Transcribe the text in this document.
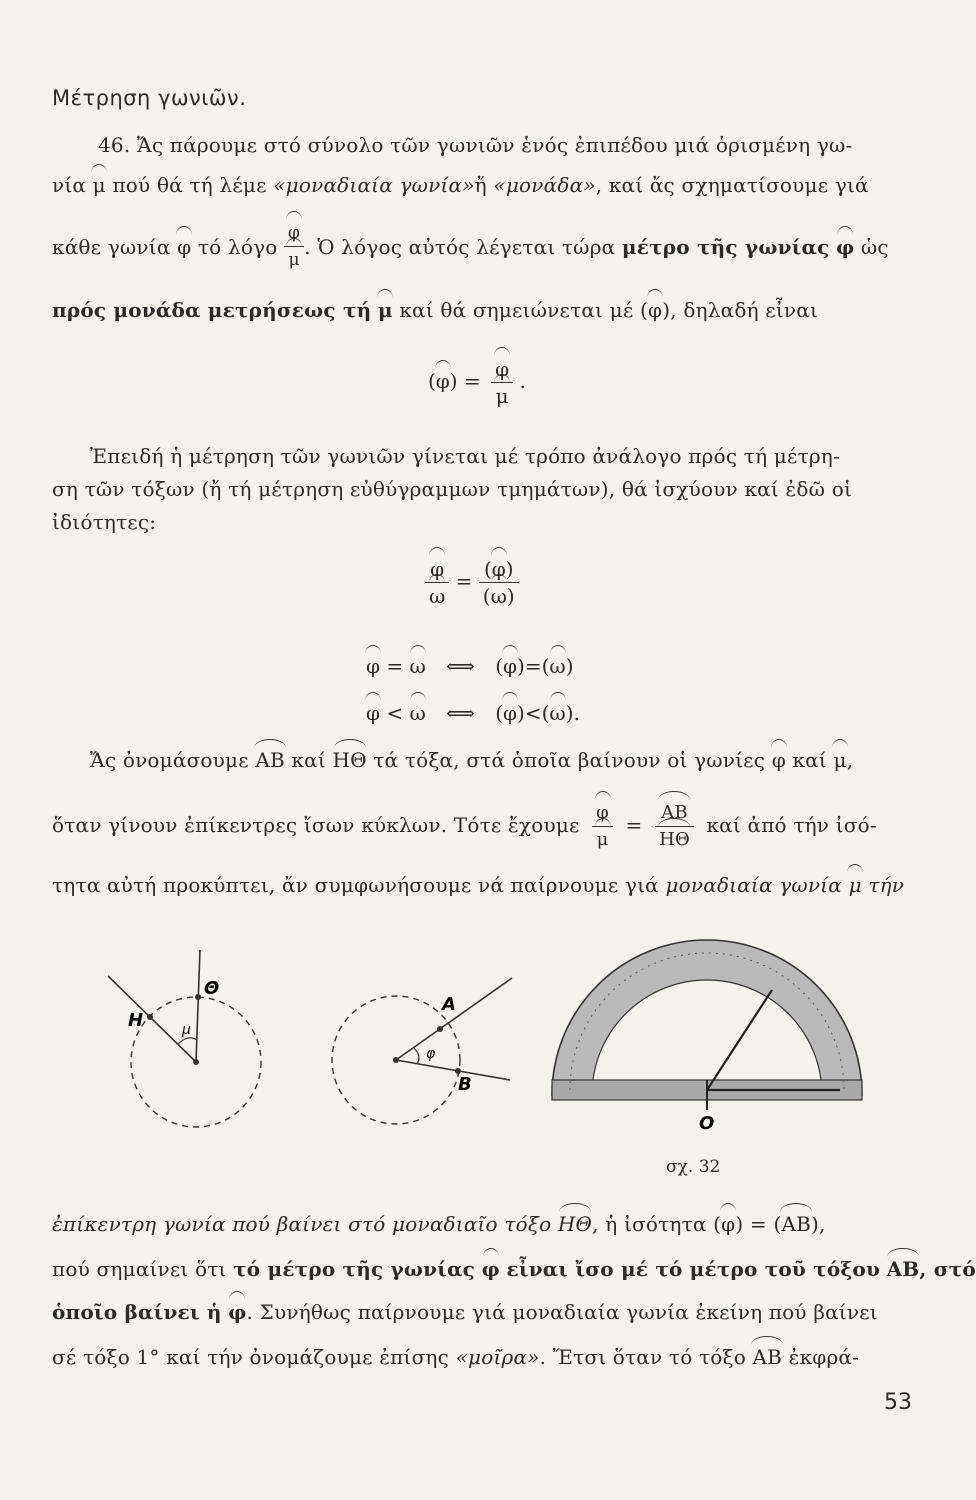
Μέτρηση γωνιῶν.
46. Ἄς πάρουμε στό σύνολο τῶν γωνιῶν ἑνός ἐπιπέδου μιά ὁρισμένη γω-
νία μ πού θά τή λέμε «μοναδιαία γωνία»ἤ «μονάδα», καί ἄς σχηματίσουμε γιά
κάθε γωνία φ τό λόγο $\frac{\varphi}{\mu}$ . Ὁ λόγος αὐτός λέγεται τώρα μέτρο τῆς γωνίας φ ὡς
πρός μονάδα μετρήσεως τή μ καί θά σημειώνεται μέ (φ), δηλαδή εἶναι
$(\varphi) = \frac{\varphi}{\mu}$ .
Ἐπειδή ἡ μέτρηση τῶν γωνιῶν γίνεται μέ τρόπο ἀνάλογο πρός τή μέτρη-
ση τῶν τόξων (ἤ τή μέτρηση εὐθύγραμμων τμημάτων), θά ἰσχύουν καί ἐδῶ οἱ
ἰδιότητες:
$\frac{\varphi}{\omega} = \frac{(\varphi)}{(\omega)}$
φ = ω ⟺ (φ)=(ω)
φ < ω ⟺ (φ)<(ω).
Ἄς ὀνομάσουμε ΑΒ καί ΗΘ τά τόξα, στά ὁποῖα βαίνουν οἱ γωνίες φ καί μ,
ὅταν γίνουν ἐπίκεντρες ἴσων κύκλων. Τότε ἔχουμε $\frac{\varphi}{\mu} = \frac{AB}{H\Theta}$ καί ἀπό τήν ἰσό-
τητα αὐτή προκύπτει, ἄν συμφωνήσουμε νά παίρνουμε γιά μοναδιαία γωνία μ τήν
Η
Θ
μ
Α
Β
φ
O
σχ. 32
ἐπίκεντρη γωνία πού βαίνει στό μοναδιαῖο τόξο ΗΘ, ἡ ἰσότητα (φ) = (ΑΒ),
πού σημαίνει ὅτι τό μέτρο τῆς γωνίας φ εἶναι ἴσο μέ τό μέτρο τοῦ τόξου ΑΒ, στό
ὁποῖο βαίνει ἡ φ. Συνήθως παίρνουμε γιά μοναδιαία γωνία ἐκείνη πού βαίνει
σέ τόξο 1° καί τήν ὀνομάζουμε ἐπίσης «μοῖρα». Ἔτσι ὅταν τό τόξο ΑΒ ἐκφρά-
53
